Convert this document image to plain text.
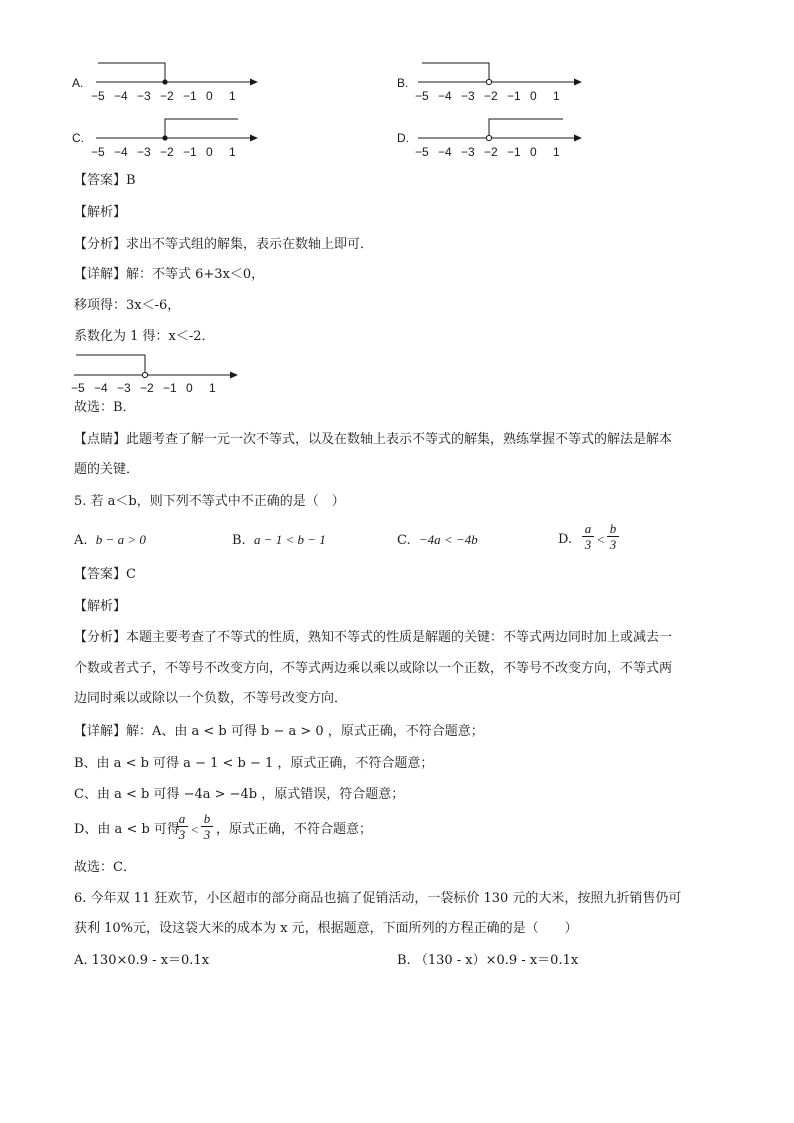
A.
−5 −4 −3 −2 −1 0 1
B.
−5 −4 −3 −2 −1 0 1
C.
−5 −4 −3 −2 −1 0 1
D.
−5 −4 −3 −2 −1 0 1
【答案】B
【解析】
【分析】求出不等式组的解集，表示在数轴上即可．
【详解】解：不等式 6+3x＜0，
移项得：3x＜-6，
系数化为 1 得：x＜-2．
−5 −4 −3 −2 −1 0 1
故选：B．
【点睛】此题考查了解一元一次不等式，以及在数轴上表示不等式的解集，熟练掌握不等式的解法是解本
题的关键．
5. 若 a＜b，则下列不等式中不正确的是（　）
A. b − a > 0	B. a − 1 < b − 1	C. −4a < −4b	D.
a
3 <
b
3
【答案】C
【解析】
【分析】本题主要考查了不等式的性质，熟知不等式的性质是解题的关键：不等式两边同时加上或减去一
个数或者式子，不等号不改变方向，不等式两边乘以乘以或除以一个正数，不等号不改变方向，不等式两
边同时乘以或除以一个负数，不等号改变方向．
【详解】解：A、由 a < b 可得 b − a > 0 ，原式正确，不符合题意；
B、由 a < b 可得 a − 1 < b − 1 ，原式正确，不符合题意；
C、由 a < b 可得 −4a > −4b ，原式错误，符合题意；
D、由 a < b 可得
a
3 <
b
3 ，原式正确，不符合题意；
故选：C．
6. 今年双 11 狂欢节，小区超市的部分商品也搞了促销活动，一袋标价 130 元的大米，按照九折销售仍可
获利 10%元，设这袋大米的成本为 x 元，根据题意，下面所列的方程正确的是（　　）
A. 130×0.9 - x＝0.1x	B. （130 - x）×0.9 - x＝0.1x
